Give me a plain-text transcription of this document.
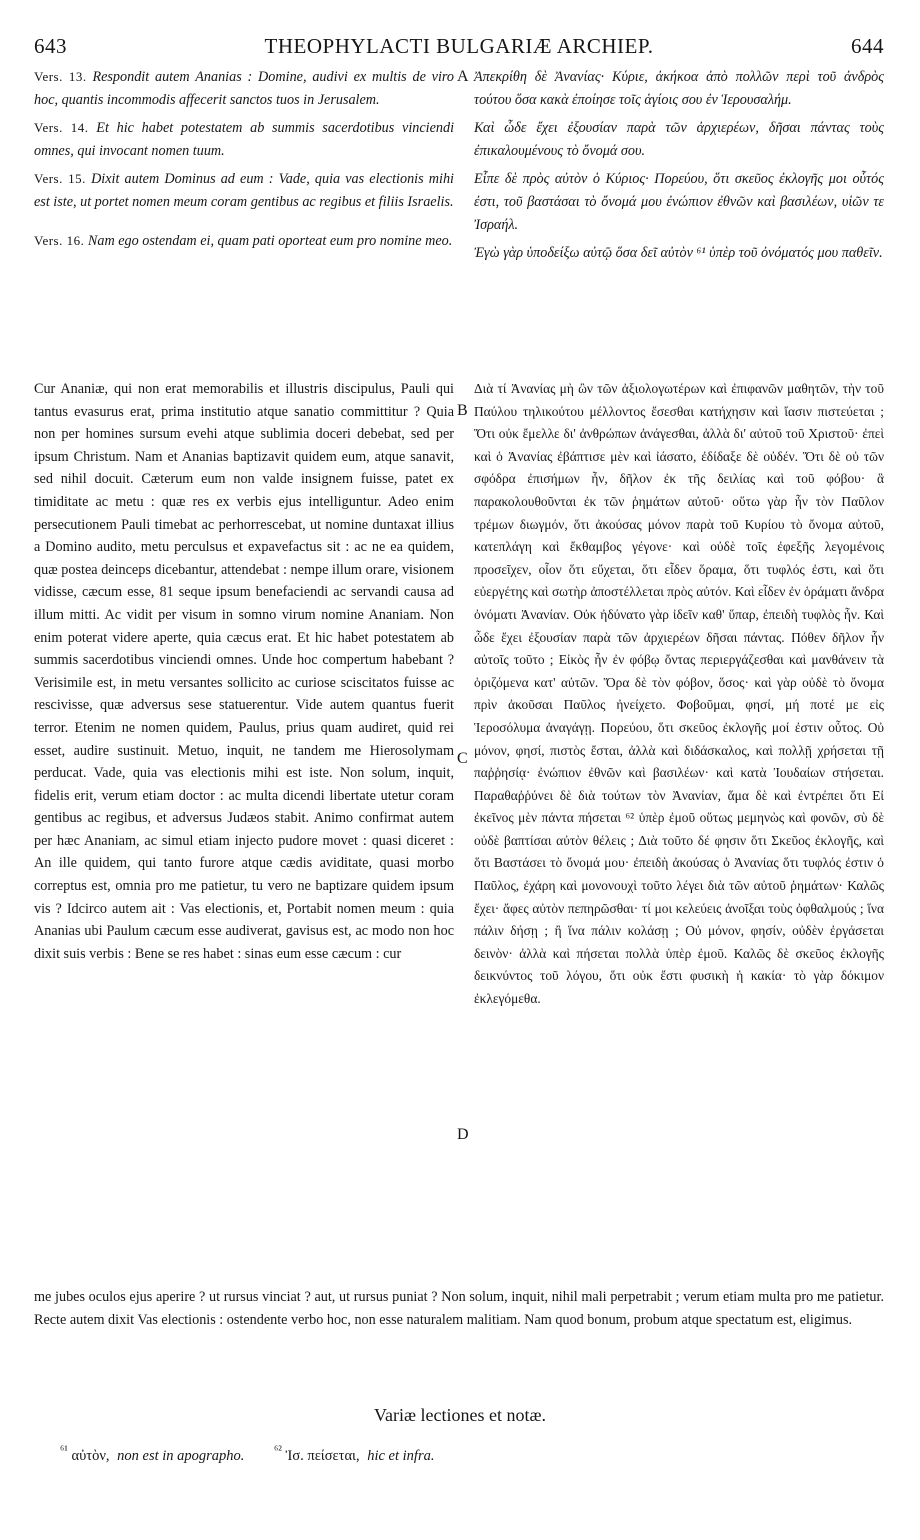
643	THEOPHYLACTI BULGARIÆ ARCHIEP.	644
Vers. 13. Respondit autem Ananias : Domine, audivi ex multis de viro hoc, quantis incommodis affecerit sanctos tuos in Jerusalem.
Vers. 14. Et hic habet potestatem ab summis sacerdotibus vinciendi omnes, qui invocant nomen tuum.
Vers. 15. Dixit autem Dominus ad eum : Vade, quia vas electionis mihi est iste, ut portet nomen meum coram gentibus ac regibus et filiis Israelis.
Vers. 16. Nam ego ostendam ei, quam pati oporteat eum pro nomine meo.
Ἀπεκρίθη δὲ Ἀνανίας· Κύριε, ἀκήκοα ἀπὸ πολλῶν περὶ τοῦ ἀνδρὸς τούτου ὅσα κακὰ ἐποίησε τοῖς ἁγίοις σου ἐν Ἱερουσαλήμ.
Καὶ ὧδε ἔχει ἐξουσίαν παρὰ τῶν ἀρχιερέων, δῆσαι πάντας τοὺς ἐπικαλουμένους τὸ ὄνομά σου.
Εἶπε δὲ πρὸς αὐτὸν ὁ Κύριος· Πορεύου, ὅτι σκεῦος ἐκλογῆς μοι οὗτός ἐστι, τοῦ βαστάσαι τὸ ὄνομά μου ἐνώπιον ἐθνῶν καὶ βασιλέων, υἱῶν τε Ἰσραήλ.
Ἐγὼ γὰρ ὑποδείξω αὐτῷ ὅσα δεῖ αὐτὸν ⁶¹ ὑπὲρ τοῦ ὀνόματός μου παθεῖν.
A
B
C
D
Cur Ananiæ, qui non erat memorabilis et illustris discipulus, Pauli qui tantus evasurus erat, prima institutio atque sanatio committitur ? Quia non per homines sursum evehi atque sublimia doceri debebat, sed per ipsum Christum. Nam et Ananias baptizavit quidem eum, atque sanavit, sed nihil docuit. Cæterum eum non valde insignem fuisse, patet ex timiditate ac metu : quæ res ex verbis ejus intelliguntur. Adeo enim persecutionem Pauli timebat ac perhorrescebat, ut nomine duntaxat illius a Domino audito, metu perculsus et expavefactus sit : ac ne ea quidem, quæ postea deinceps dicebantur, attendebat : nempe illum orare, visionem vidisse, cæcum esse, 81 seque ipsum benefaciendi ac servandi causa ad illum mitti. Ac vidit per visum in somno virum nomine Ananiam. Non enim poterat videre aperte, quia cæcus erat. Et hic habet potestatem ab summis sacerdotibus vinciendi omnes. Unde hoc compertum habebant ? Verisimile est, in metu versantes sollicito ac curiose sciscitatos fuisse ac rescivisse, quæ adversus sese statuerentur. Vide autem quantus fuerit terror. Etenim ne nomen quidem, Paulus, prius quam audiret, quid rei esset, audire sustinuit. Metuo, inquit, ne tandem me Hierosolymam perducat. Vade, quia vas electionis mihi est iste. Non solum, inquit, fidelis erit, verum etiam doctor : ac multa dicendi libertate utetur coram gentibus ac regibus, et adversus Judæos stabit. Animo confirmat autem per hæc Ananiam, ac simul etiam injecto pudore movet : quasi diceret : An ille quidem, qui tanto furore atque cædis aviditate, quasi morbo correptus est, omnia pro me patietur, tu vero ne baptizare quidem ipsum vis ? Idcirco autem ait : Vas electionis, et, Portabit nomen meum : quia Ananias ubi Paulum cæcum esse audiverat, gavisus est, ac modo non hoc dixit suis verbis : Bene se res habet : sinas eum esse cæcum : cur
Διὰ τί Ἀνανίας μὴ ὢν τῶν ἀξιολογωτέρων καὶ ἐπιφανῶν μαθητῶν, τὴν τοῦ Παύλου τηλικούτου μέλλοντος ἔσεσθαι κατήχησιν καὶ ἴασιν πιστεύεται ; Ὅτι οὐκ ἔμελλε δι' ἀνθρώπων ἀνάγεσθαι, ἀλλὰ δι' αὐτοῦ τοῦ Χριστοῦ· ἐπεὶ καὶ ὁ Ἀνανίας ἐβάπτισε μὲν καὶ ἰάσατο, ἐδίδαξε δὲ οὐδέν. Ὅτι δὲ οὐ τῶν σφόδρα ἐπισήμων ἦν, δῆλον ἐκ τῆς δειλίας καὶ τοῦ φόβου· ἃ παρακολουθοῦνται ἐκ τῶν ῥημάτων αὐτοῦ· οὕτω γὰρ ἦν τὸν Παῦλον τρέμων διωγμόν, ὅτι ἀκούσας μόνον παρὰ τοῦ Κυρίου τὸ ὄνομα αὐτοῦ, κατεπλάγη καὶ ἔκθαμβος γέγονε· καὶ οὐδὲ τοῖς ἐφεξῆς λεγομένοις προσεῖχεν, οἷον ὅτι εὔχεται, ὅτι εἶδεν ὅραμα, ὅτι τυφλός ἐστι, καὶ ὅτι εὐεργέτης καὶ σωτὴρ ἀποστέλλεται πρὸς αὐτόν. Καὶ εἶδεν ἐν ὁράματι ἄνδρα ὀνόματι Ἀνανίαν. Οὐκ ἠδύνατο γὰρ ἰδεῖν καθ' ὕπαρ, ἐπειδὴ τυφλὸς ἦν. Καὶ ὧδε ἔχει ἐξουσίαν παρὰ τῶν ἀρχιερέων δῆσαι πάντας. Πόθεν δῆλον ἦν αὐτοῖς τοῦτο ; Εἰκὸς ἦν ἐν φόβῳ ὄντας περιεργάζεσθαι καὶ μανθάνειν τὰ ὁριζόμενα κατ' αὐτῶν. Ὅρα δὲ τὸν φόβον, ὅσος· καὶ γὰρ οὐδὲ τὸ ὄνομα πρὶν ἀκοῦσαι Παῦλος ἠνείχετο. Φοβοῦμαι, φησί, μή ποτέ με εἰς Ἱεροσόλυμα ἀναγάγῃ. Πορεύου, ὅτι σκεῦος ἐκλογῆς μοί ἐστιν οὗτος. Οὐ μόνον, φησί, πιστὸς ἔσται, ἀλλὰ καὶ διδάσκαλος, καὶ πολλῇ χρήσεται τῇ παῤῥησίᾳ· ἐνώπιον ἐθνῶν καὶ βασιλέων· καὶ κατὰ Ἰουδαίων στήσεται. Παραθαῤῥύνει δὲ διὰ τούτων τὸν Ἀνανίαν, ἅμα δὲ καὶ ἐντρέπει ὅτι Εἰ ἐκεῖνος μὲν πάντα πήσεται ⁶² ὑπὲρ ἐμοῦ οὕτως μεμηνὼς καὶ φονῶν, σὺ δὲ οὐδὲ βαπτίσαι αὐτὸν θέλεις ; Διὰ τοῦτο δέ φησιν ὅτι Σκεῦος ἐκλογῆς, καὶ ὅτι Βαστάσει τὸ ὄνομά μου· ἐπειδὴ ἀκούσας ὁ Ἀνανίας ὅτι τυφλός ἐστιν ὁ Παῦλος, ἐχάρη καὶ μονονουχὶ τοῦτο λέγει διὰ τῶν αὐτοῦ ῥημάτων· Καλῶς ἔχει· ἄφες αὐτὸν πεπηρῶσθαι· τί μοι κελεύεις ἀνοῖξαι τοὺς ὀφθαλμούς ; ἵνα πάλιν δήσῃ ; ἢ ἵνα πάλιν κολάσῃ ; Οὐ μόνον, φησίν, οὐδὲν ἐργάσεται δεινὸν· ἀλλὰ καὶ πήσεται πολλὰ ὑπὲρ ἐμοῦ. Καλῶς δὲ σκεῦος ἐκλογῆς δεικνύντος τοῦ λόγου, ὅτι οὐκ ἔστι φυσικὴ ἡ κακία· τὸ γὰρ δόκιμον ἐκλεγόμεθα.
me jubes oculos ejus aperire ? ut rursus vinciat ? aut, ut rursus puniat ? Non solum, inquit, nihil mali perpetrabit ; verum etiam multa pro me patietur. Recte autem dixit Vas electionis : ostendente verbo hoc, non esse naturalem malitiam. Nam quod bonum, probum atque spectatum est, eligimus.
Variæ lectiones et notæ.
$^{^{61}}$ αὐτὸν, non est in apographo. $^{^{62}}$ Ἰσ. πείσεται, hic et infra.
